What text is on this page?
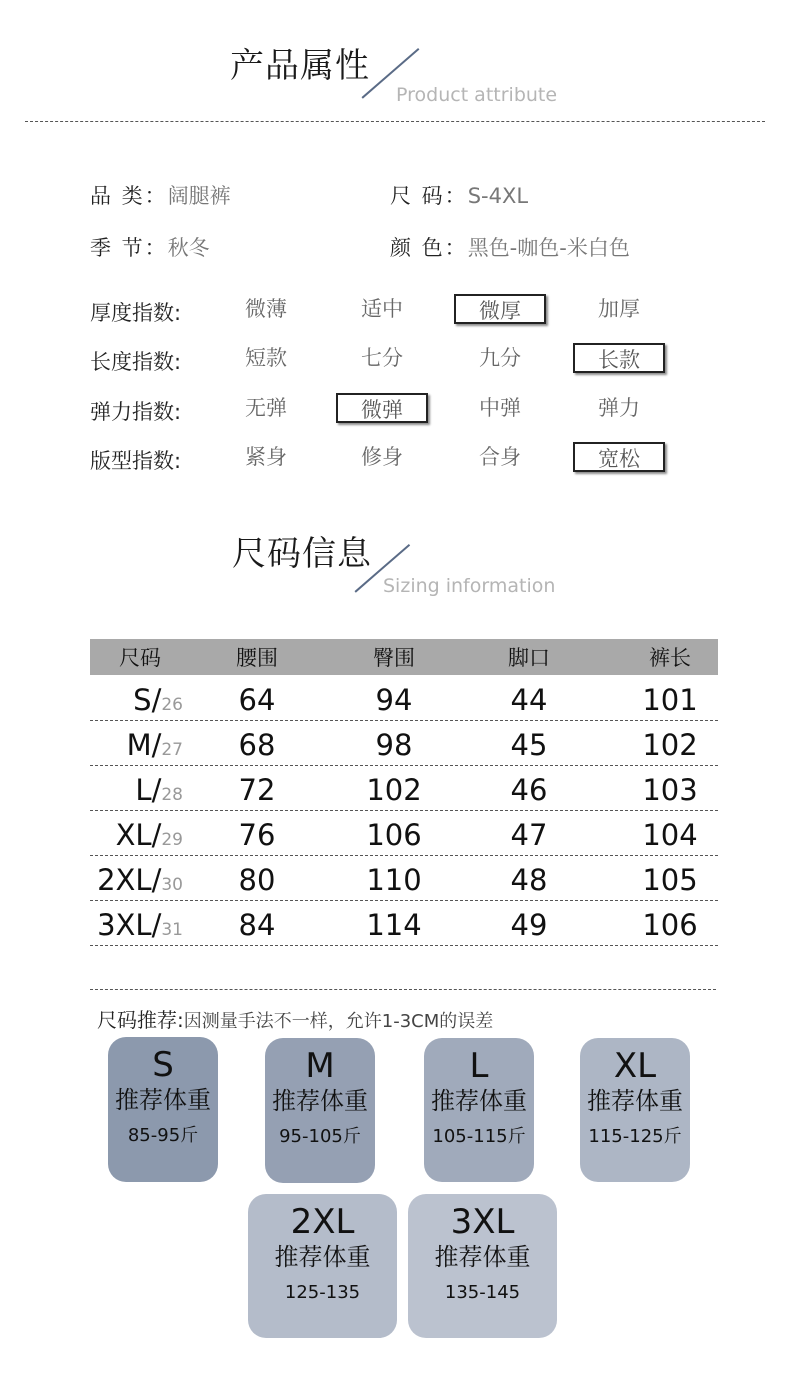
产品属性
Product attribute
品 类：阔腿裤	尺 码：S-4XL
季 节：秋冬	颜 色：黑色-咖色-米白色
厚度指数:	微薄	适中	微厚	加厚
长度指数:	短款	七分	九分	长款
弹力指数:	无弹	微弹	中弹	弹力
版型指数:	紧身	修身	合身	宽松
尺码信息
Sizing information
尺码	腰围	臀围	脚口	裤长
S/26	64	94	44	101
M/27	68	98	45	102
L/28	72	102	46	103
XL/29	76	106	47	104
2XL/30	80	110	48	105
3XL/31	84	114	49	106
尺码推荐:因测量手法不一样，允许1-3CM的误差
S
推荐体重
85-95斤
M
推荐体重
95-105斤
L
推荐体重
105-115斤
XL
推荐体重
115-125斤
2XL
推荐体重
125-135
3XL
推荐体重
135-145
